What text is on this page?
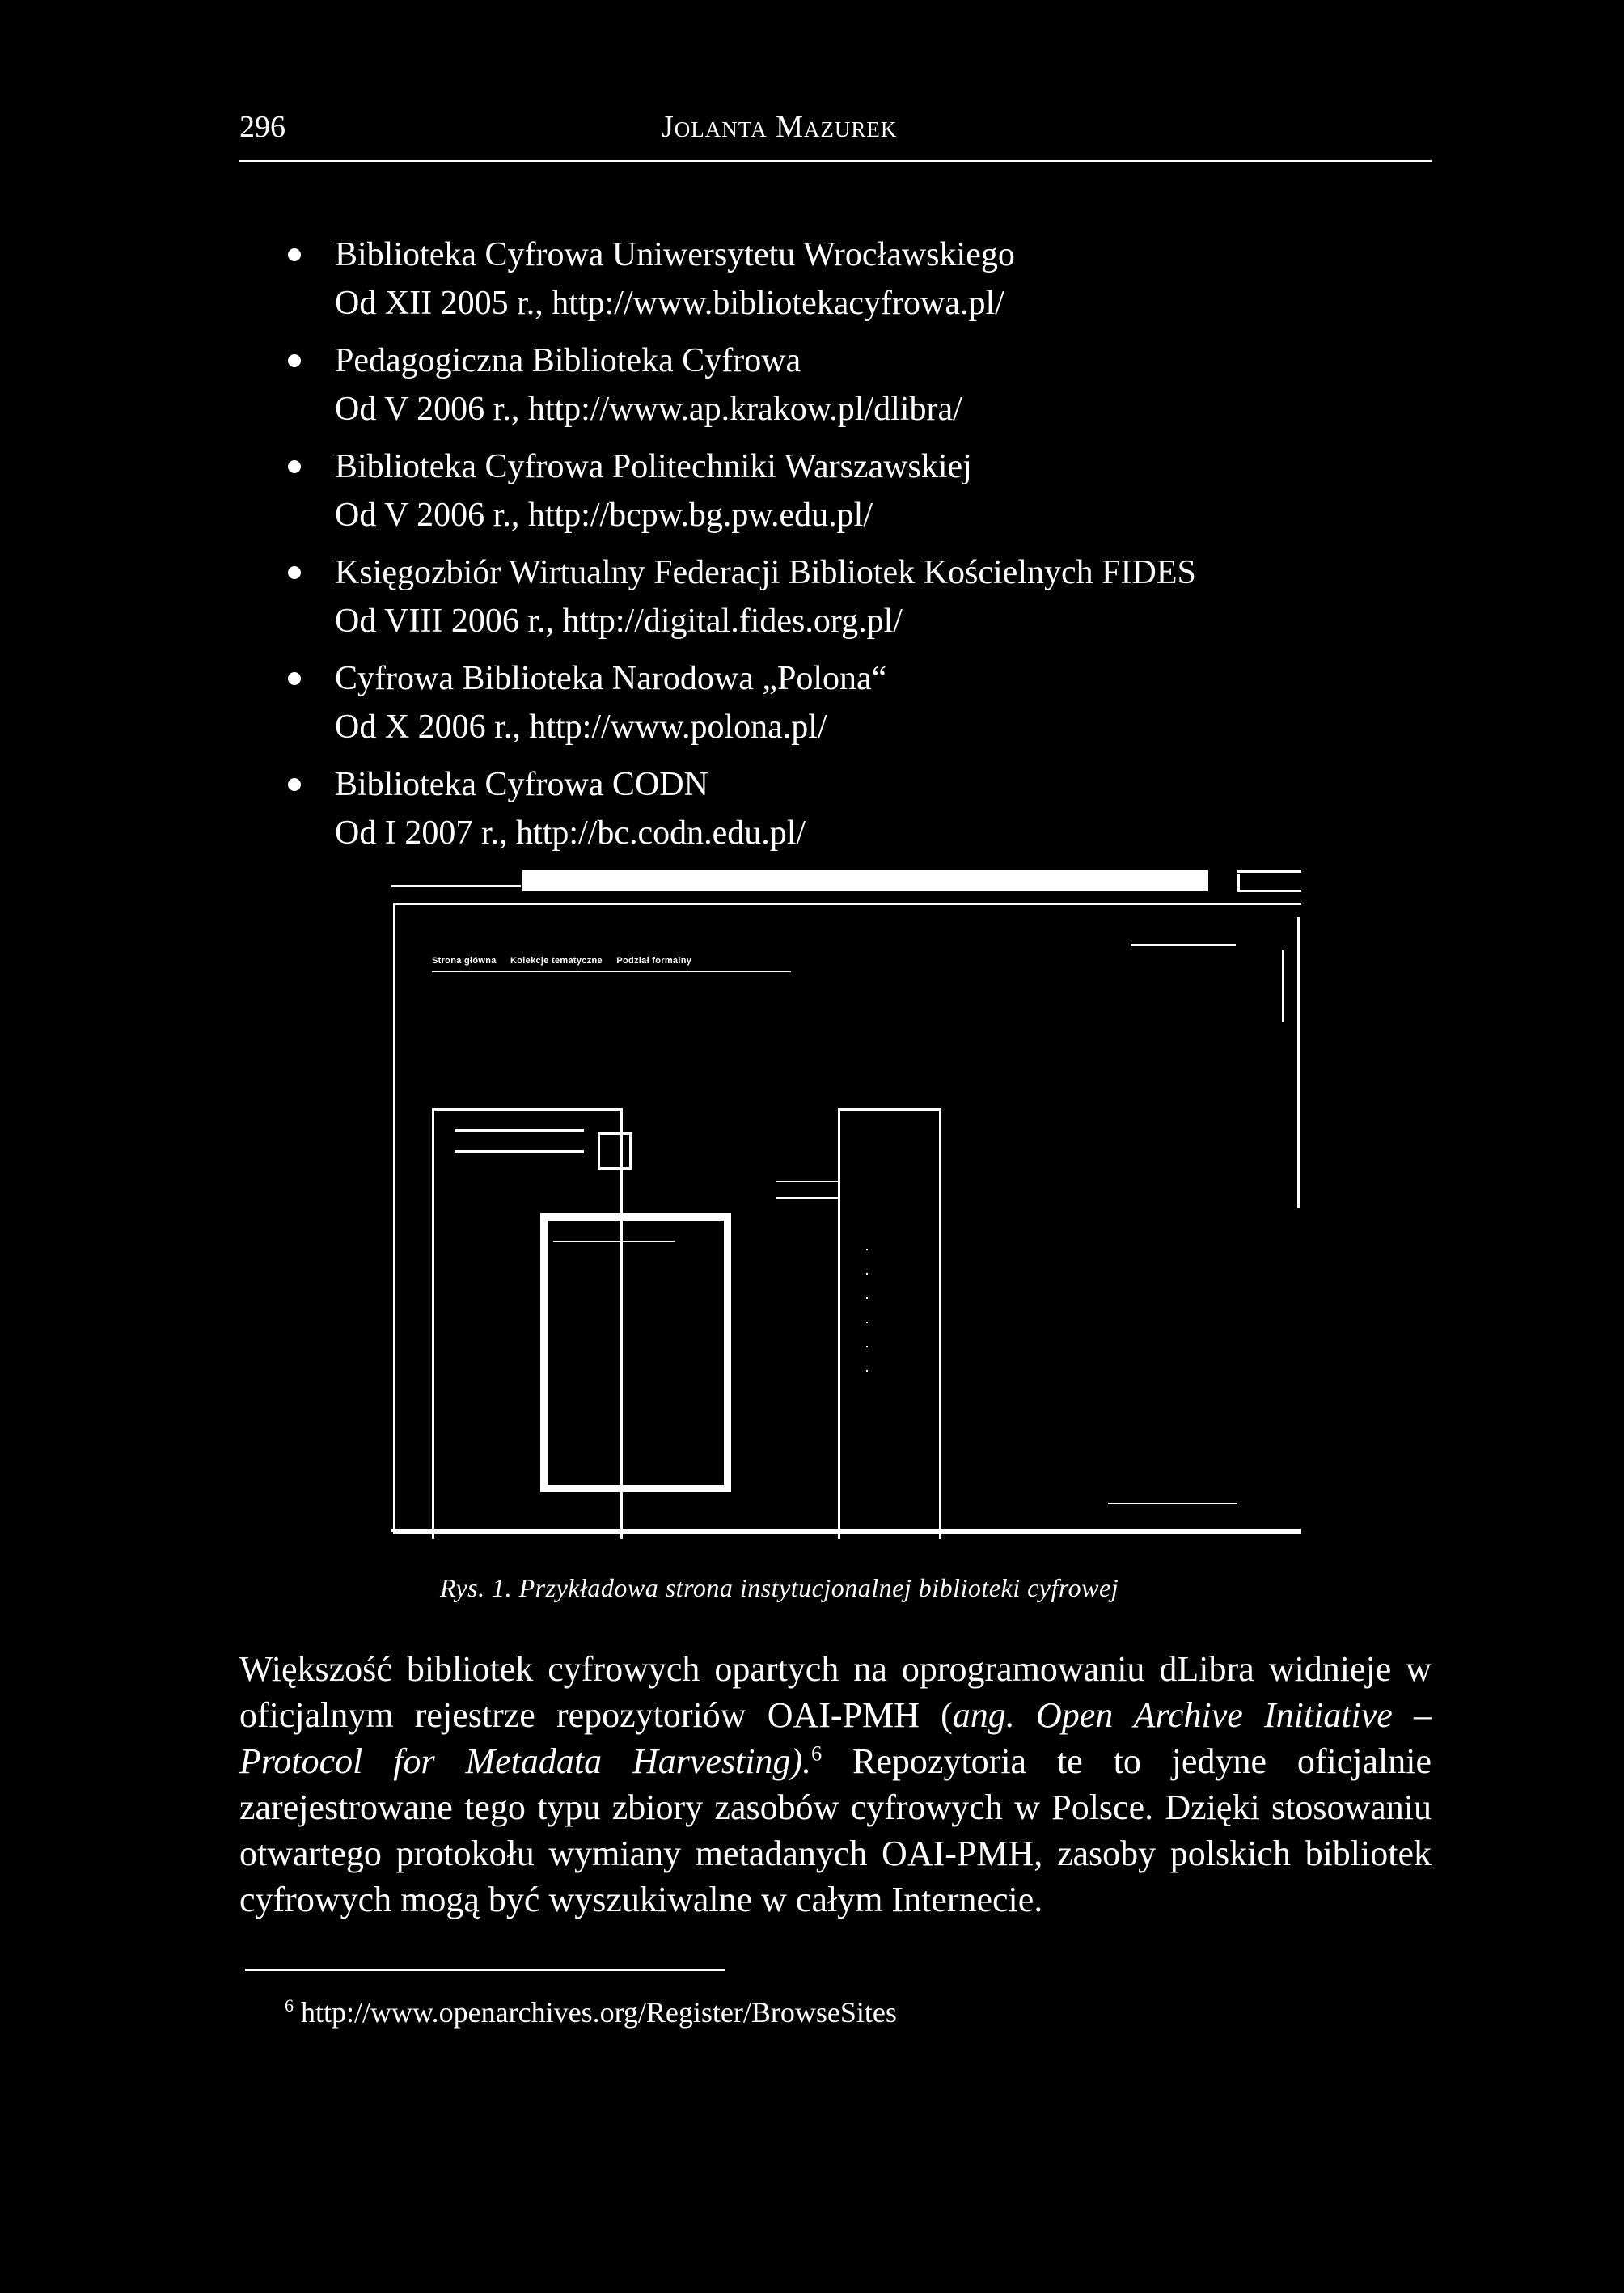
296	Jolanta Mazurek
Biblioteka Cyfrowa Uniwersytetu Wrocławskiego
Od XII 2005 r., http://www.bibliotekacyfrowa.pl/
Pedagogiczna Biblioteka Cyfrowa
Od V 2006 r., http://www.ap.krakow.pl/dlibra/
Biblioteka Cyfrowa Politechniki Warszawskiej
Od V 2006 r., http://bcpw.bg.pw.edu.pl/
Księgozbiór Wirtualny Federacji Bibliotek Kościelnych FIDES
Od VIII 2006 r., http://digital.fides.org.pl/
Cyfrowa Biblioteka Narodowa „Polona“
Od X 2006 r., http://www.polona.pl/
Biblioteka Cyfrowa CODN
Od I 2007 r., http://bc.codn.edu.pl/
Strona główna Kolekcje tematyczne Podział formalny
Rys. 1. Przykładowa strona instytucjonalnej biblioteki cyfrowej

Większość bibliotek cyfrowych opartych na oprogramowaniu dLibra widnieje w oficjalnym rejestrze repozytoriów OAI-PMH (ang. Open Archive Initiative – Protocol for Metadata Harvesting).$^6$ Repozytoria te to jedyne oficjalnie zarejestrowane tego typu zbiory zasobów cyfrowych w Polsce. Dzięki stosowaniu otwartego protokołu wymiany metadanych OAI-PMH, zasoby polskich bibliotek cyfrowych mogą być wyszukiwalne w całym Internecie.

$^6$ http://www.openarchives.org/Register/BrowseSites
